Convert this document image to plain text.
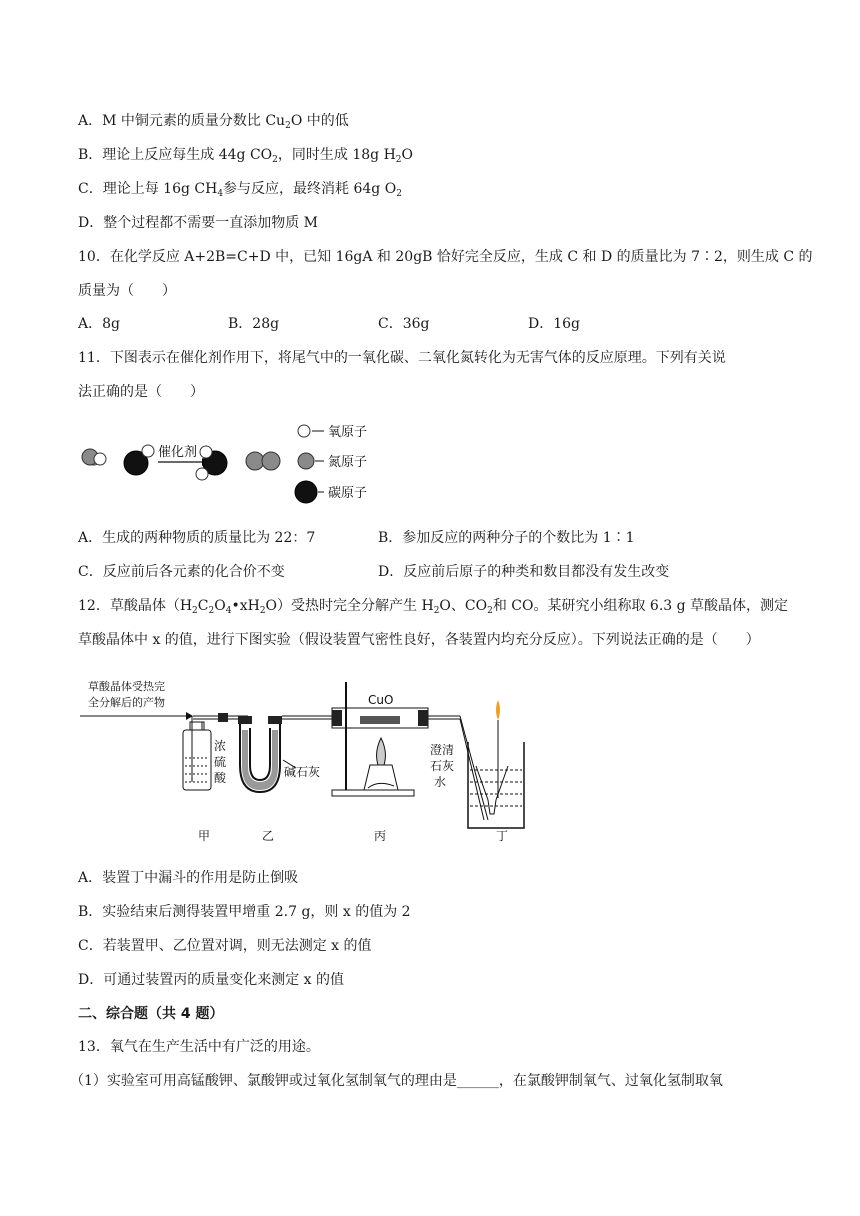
A．M 中铜元素的质量分数比 $Cu_2O$ 中的低
B．理论上反应每生成 44g $CO_2$，同时生成 18g $H_2O$
C．理论上每 16g $CH_4$参与反应，最终消耗 64g $O_2$
D．整个过程都不需要一直添加物质 M
10．在化学反应 A+2B=C+D 中，已知 16gA 和 20gB 恰好完全反应，生成 C 和 D 的质量比为 7∶2，则生成 C 的
质量为（　　）
A．8g	B．28g	C．36g	D．16g
11．下图表示在催化剂作用下，将尾气中的一氧化碳、二氧化氮转化为无害气体的反应原理。下列有关说
法正确的是（　　）
催化剂
氧原子
氮原子
碳原子
A．生成的两种物质的质量比为 22：7	B．参加反应的两种分子的个数比为 1∶1
C．反应前后各元素的化合价不变	D．反应前后原子的种类和数目都没有发生改变
12．草酸晶体$(H_2C_2O_4•xH_2O)$受热时完全分解产生 $H_2O$、$CO_2$和 CO。某研究小组称取 6.3 g 草酸晶体，测定
草酸晶体中 x 的值，进行下图实验（假设装置气密性良好，各装置内均充分反应）。下列说法正确的是（　　）
草酸晶体受热完
全分解后的产物
浓
硫
酸	碱石灰
CuO
澄清
石灰
水
甲	乙	丙	丁
A．装置丁中漏斗的作用是防止倒吸
B．实验结束后测得装置甲增重 2.7 g，则 x 的值为 2
C．若装置甲、乙位置对调，则无法测定 x 的值
D．可通过装置丙的质量变化来测定 x 的值
二、综合题（共 4 题）
13．氧气在生产生活中有广泛的用途。
（1）实验室可用高锰酸钾、氯酸钾或过氧化氢制氧气的理由是______，在氯酸钾制氧气、过氧化氢制取氧
